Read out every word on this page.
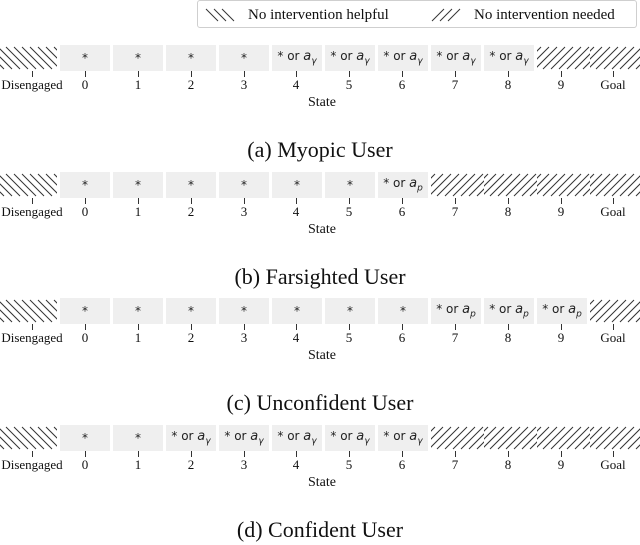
No intervention helpful	No intervention needed
*	*	*	*	* or $a_\gamma$ * or $a_\gamma$ * or $a_\gamma$ * or $a_\gamma$ * or $a_\gamma$
Disengaged 0	1	2	3	4	5	6	7	8	9	Goal
State
(a) Myopic User
*	*	*	*	*	*	* or $a_p$
Disengaged 0	1	2	3	4	5	6	7	8	9	Goal
State
(b) Farsighted User
*	*	*	*	*	*	*	* or $a_p$ * or $a_p$ * or $a_p$
Disengaged 0	1	2	3	4	5	6	7	8	9	Goal
State
(c) Unconfident User
*	*	* or $a_\gamma$ * or $a_\gamma$ * or $a_\gamma$ * or $a_\gamma$ * or $a_\gamma$
Disengaged 0	1	2	3	4	5	6	7	8	9	Goal
State
(d) Confident User
